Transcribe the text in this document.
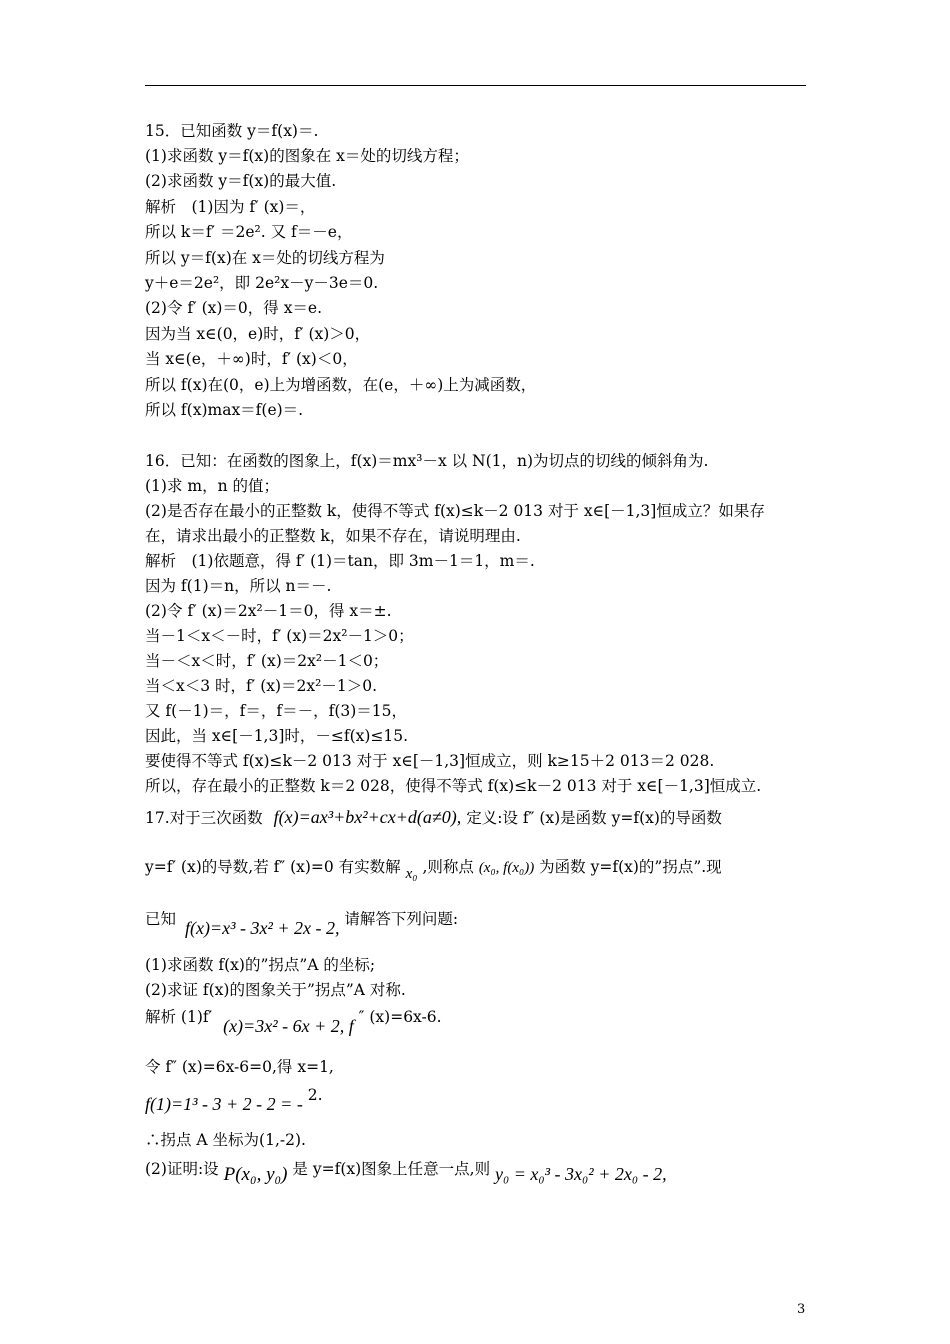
15．已知函数 y＝f(x)＝.
(1)求函数 y＝f(x)的图象在 x＝处的切线方程；
(2)求函数 y＝f(x)的最大值.
解析　(1)因为 f′ (x)＝，
所以 k＝f′ ＝2e². 又 f＝－e，
所以 y＝f(x)在 x＝处的切线方程为
y＋e＝2e²，即 2e²x－y－3e＝0.
(2)令 f′ (x)＝0，得 x＝e.
因为当 x∈(0，e)时，f′ (x)＞0，
当 x∈(e，＋∞)时，f′ (x)＜0，
所以 f(x)在(0，e)上为增函数，在(e，＋∞)上为减函数，
所以 f(x)max＝f(e)＝.
16．已知：在函数的图象上，f(x)＝mx³－x 以 N(1，n)为切点的切线的倾斜角为.
(1)求 m，n 的值；
(2)是否存在最小的正整数 k，使得不等式 f(x)≤k－2 013 对于 x∈[－1,3]恒成立？如果存
在，请求出最小的正整数 k，如果不存在，请说明理由.
解析　(1)依题意，得 f′ (1)＝tan，即 3m－1＝1，m＝.
因为 f(1)＝n，所以 n＝－.
(2)令 f′ (x)＝2x²－1＝0，得 x＝±.
当－1＜x＜－时，f′ (x)＝2x²－1＞0；
当－＜x＜时，f′ (x)＝2x²－1＜0；
当＜x＜3 时，f′ (x)＝2x²－1＞0.
又 f(－1)＝，f＝，f＝－，f(3)＝15，
因此，当 x∈[－1,3]时，－≤f(x)≤15.
要使得不等式 f(x)≤k－2 013 对于 x∈[－1,3]恒成立，则 k≥15＋2 013＝2 028.
所以，存在最小的正整数 k＝2 028，使得不等式 f(x)≤k－2 013 对于 x∈[－1,3]恒成立.
17.对于三次函数 f(x)=ax³+bx²+cx+d(a≠0), 定义:设 f″ (x)是函数 y=f(x)的导函数
y=f′ (x)的导数,若 f″ (x)=0 有实数解 x₀ ,则称点 (x₀, f(x₀)) 为函数 y=f(x)的”拐点”.现
已知 f(x)=x³ - 3x² + 2x - 2, 请解答下列问题:
(1)求函数 f(x)的”拐点”A 的坐标;
(2)求证 f(x)的图象关于”拐点”A 对称.
解析 (1)f′ (x)=3x² - 6x + 2, f ″ (x)=6x-6.
令 f″ (x)=6x-6=0,得 x=1,
f(1)=1³ - 3 + 2 - 2 = - 2.
∴拐点 A 坐标为(1,-2).
(2)证明:设 P(x₀, y₀) 是 y=f(x)图象上任意一点,则 y₀ = x₀³ - 3x₀² + 2x₀ - 2,
3
